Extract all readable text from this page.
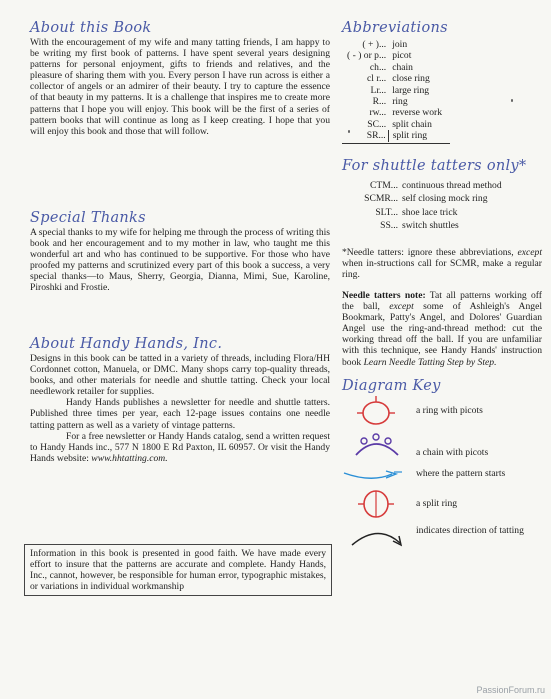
About this Book

With the encouragement of my wife and many tatting friends, I am happy to be writing my first book of patterns. I have spent several years designing patterns for personal enjoyment, gifts to friends and relatives, and the pleasure of sharing them with you. Every person I have run across is either a collector of angels or an admirer of their beauty. I try to capture the essence of that beauty in my patterns. It is a challenge that inspires me to create more patterns that I hope you will enjoy. This book will be the first of a series of pattern books that will continue as long as I keep creating. I hope that you will enjoy this book and those that will follow.

Special Thanks

A special thanks to my wife for helping me through the process of writing this book and her encouragement and to my mother in law, who taught me this wonderful art and who has continued to be supportive. For those who have proofed my patterns and scrutinized every part of this book a success, a very special thanks—to Maus, Sherry, Georgia, Dianna, Mimi, Sue, Karoline, Piroshki and Frostie.

About Handy Hands, Inc.

Designs in this book can be tatted in a variety of threads, including Flora/HH Cordonnet cotton, Manuela, or DMC. Many shops carry top-quality threads, books, and other materials for needle and shuttle tatting. Check your local needlework retailer for supplies.

Handy Hands publishes a newsletter for needle and shuttle tatters. Published three times per year, each 12-page issues contains one needle tatting pattern as well as a variety of vintage patterns.

For a free newsletter or Handy Hands catalog, send a written request to Handy Hands inc., 577 N 1800 E Rd Paxton, IL 60957. Or visit the Handy Hands website: www.hhtatting.com.

Information in this book is presented in good faith. We have made every effort to insure that the patterns are accurate and complete. Handy Hands, Inc., cannot, however, be responsible for human error, typographic mistakes, or variations in individual workmanship
Abbreviations
( + )...	join
( - ) or p...	picot
ch...	chain
cl r...	close ring
Lr...	large ring
R...	ring
rw...	reverse work
SC...	split chain
SR...	split ring
For shuttle tatters only*
CTM...	continuous thread method
SCMR...	self closing mock ring
SLT...	shoe lace trick
SS...	switch shuttles

*Needle tatters: ignore these abbreviations, except when in-structions call for SCMR, make a regular ring.

Needle tatters note: Tat all patterns working off the ball, except some of Ashleigh's Angel Bookmark, Patty's Angel, and Dolores' Guardian Angel use the ring-and-thread method: cut the working thread off the ball. If you are unfamiliar with this technique, see Handy Hands' instruction book Learn Needle Tatting Step by Step.

Diagram Key
a ring with picots
a chain with picots
where the pattern starts
a split ring
indicates direction of tatting
PassionForum.ru
